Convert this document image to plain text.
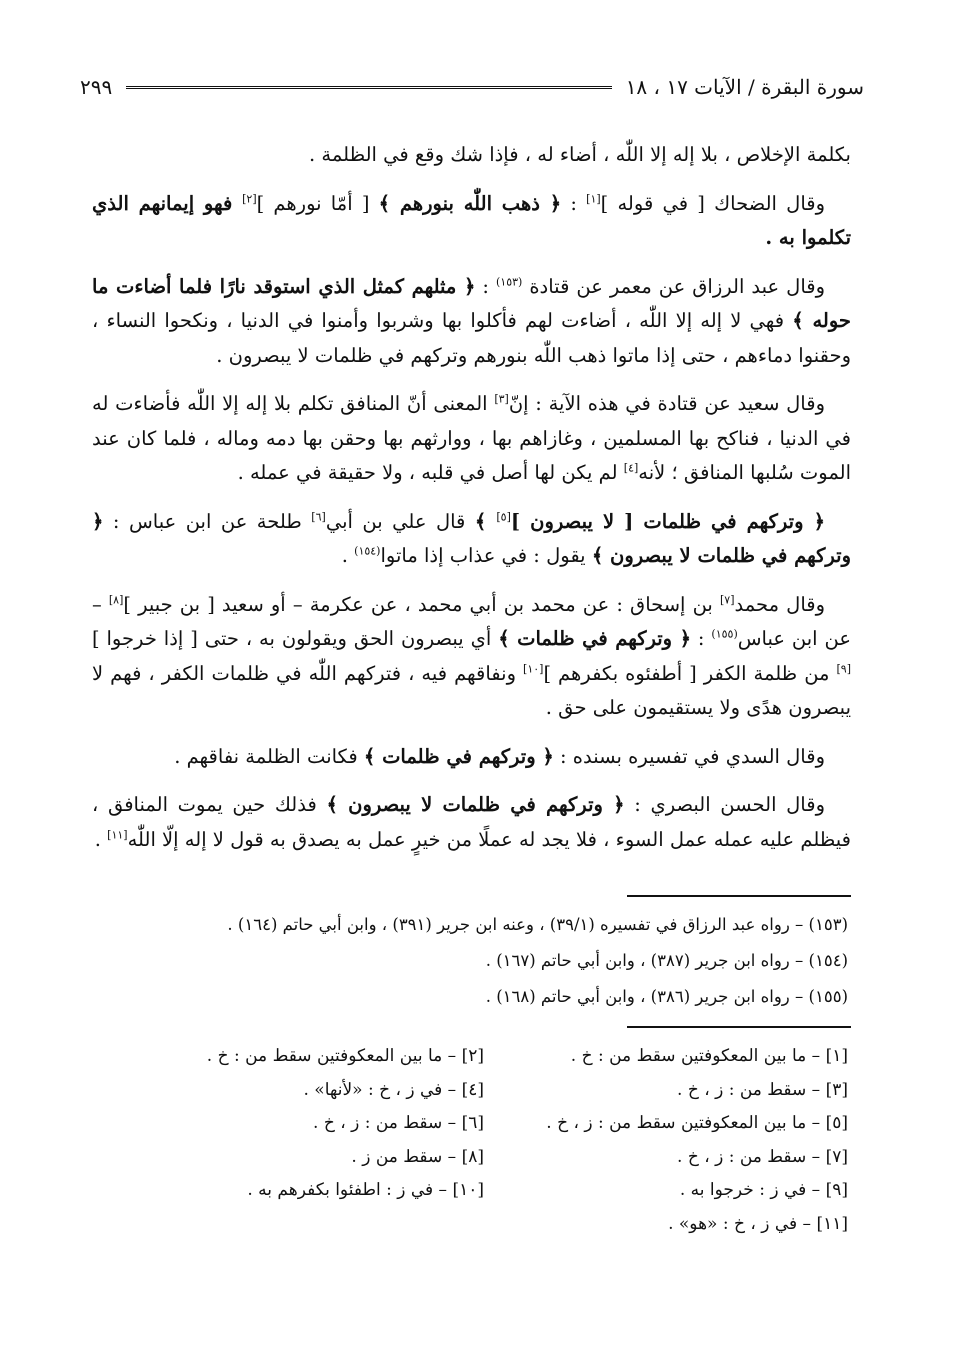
سورة البقرة / الآيات ١٧ ، ١٨
٢٩٩

بكلمة الإخلاص ، بلا إله إلا اللّٰه ، أضاء له ، فإذا شك وقع في الظلمة .

وقال الضحاك [ في قوله ][١] : ﴿ ذهب اللّٰه بنورهم ﴾ [ أمّا نورهم ][٢] فهو إيمانهم الذي تكلموا به .

وقال عبد الرزاق عن معمر عن قتادة $^{(١٥٣)}$ : ﴿ مثلهم كمثل الذي استوقد نارًا فلما أضاءت ما حوله ﴾ فهي لا إله إلا اللّٰه ، أضاءت لهم فأكلوا بها وشربوا وأمنوا في الدنيا ، ونكحوا النساء ، وحقنوا دماءهم ، حتى إذا ماتوا ذهب اللّٰه بنورهم وتركهم في ظلمات لا يبصرون .

وقال سعيد عن قتادة في هذه الآية : إنّ[٣] المعنى أنّ المنافق تكلم بلا إله إلا اللّٰه فأضاءت له في الدنيا ، فناكح بها المسلمين ، وغازاهم بها ، ووارثهم بها وحقن بها دمه وماله ، فلما كان عند الموت سُلبها المنافق ؛ لأنه[٤] لم يكن لها أصل في قلبه ، ولا حقيقة في عمله .

﴿ وتركهم في ظلمات [ لا يبصرون ][٥] ﴾ قال علي بن أبي[٦] طلحة عن ابن عباس : ﴿ وتركهم في ظلمات لا يبصرون ﴾ يقول : في عذاب إذا ماتوا$^{(١٥٤)}$ .

وقال محمد[٧] بن إسحاق : عن محمد بن أبي محمد ، عن عكرمة – أو سعيد [ بن جبير ][٨] – عن ابن عباس$^{(١٥٥)}$ : ﴿ وتركهم في ظلمات ﴾ أي يبصرون الحق ويقولون به ، حتى [ إذا خرجوا ][٩] من ظلمة الكفر [ أطفئوه بكفرهم ][١٠] ونفاقهم فيه ، فتركهم اللّٰه في ظلمات الكفر ، فهم لا يبصرون هدًى ولا يستقيمون على حق .

وقال السدي في تفسيره بسنده : ﴿ وتركهم في ظلمات ﴾ فكانت الظلمة نفاقهم .

وقال الحسن البصري : ﴿ وتركهم في ظلمات لا يبصرون ﴾ فذلك حين يموت المنافق ، فيظلم عليه عمله عمل السوء ، فلا يجد له عملًا من خيرٍ عمل به يصدق به قول لا إله إلّا اللّٰه[١١] .

(١٥٣) – رواه عبد الرزاق في تفسيره (٣٩/١) ، وعنه ابن جرير (٣٩١) ، وابن أبي حاتم (١٦٤) .
(١٥٤) – رواه ابن جرير (٣٨٧) ، وابن أبي حاتم (١٦٧) .
(١٥٥) – رواه ابن جرير (٣٨٦) ، وابن أبي حاتم (١٦٨) .
[١] – ما بين المعكوفتين سقط من : خ .
[٣] – سقط من : ز ، خ .
[٥] – ما بين المعكوفتين سقط من : ز ، خ .
[٧] – سقط من : ز ، خ .
[٩] – في ز : خرجوا به .
[١١] – في ز ، خ : «هو» .
[٢] – ما بين المعكوفتين سقط من : خ .
[٤] – في ز ، خ : «لأنها» .
[٦] – سقط من : ز ، خ .
[٨] – سقط من ز .
[١٠] – في ز : اطفئوا بكفرهم به .
